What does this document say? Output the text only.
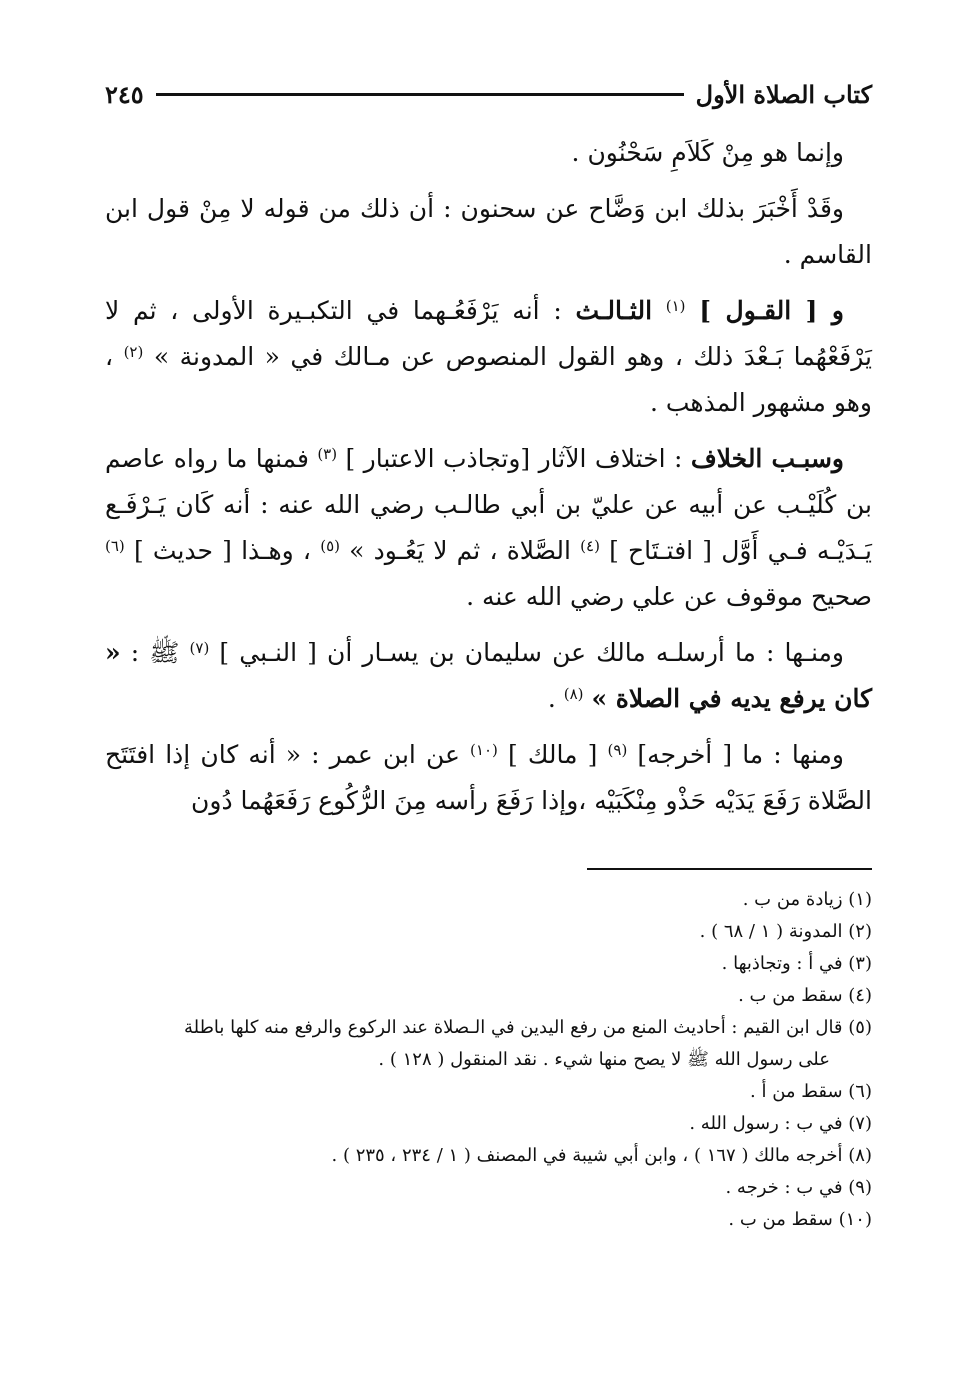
كتاب الصلاة الأول
٢٤٥

وإنما هو مِنْ كَلاَمِ سَحْنُون .

وقَدْ أَخْبَرَ بذلك ابن وَضَّاح عن سحنون : أن ذلك من قوله لا مِنْ قول ابن القاسم .

و [ القـول ] $^{(١)}$ الثـالـث : أنه يَرْفَعُـهما في التكبـيرة الأولى ، ثم لا يَرْفَعْهُما بَـعْدَ ذلك ، وهو القول المنصوص عن مـالك في « المدونة » $^{(٢)}$ ، وهو مشهور المذهب .

وسبـب الخلاف : اختلاف الآثار [وتجاذب الاعتبار ] $^{(٣)}$ فمنها ما رواه عاصم بن كُلَيْـب عن أبيه عن عليّ بن أبي طالـب رضي الله عنه : أنه كَان يَـرْفَـع يَـدَيْـه فـي أَوَّل [ افتـتَاح ] $^{(٤)}$ الصَّلاة ، ثم لا يَعُـود » $^{(٥)}$ ، وهـذا [ حديث ] $^{(٦)}$ صحيح موقوف عن علي رضي الله عنه .

ومنـها : ما أرسلـه مالك عن سليمان بن يسـار أن [ النـبي ] $^{(٧)}$ ﷺ : « كان يرفع يديه في الصلاة » $^{(٨)}$ .

ومنها : ما [ أخرجه] $^{(٩)}$ [ مالك ] $^{(١٠)}$ عن ابن عمر : « أنه كان إذا افتَتَح الصَّلاة رَفَعَ يَدَيْه حَذْو مِنْكَبَيْه ،وإذا رَفَعَ رأسه مِنَ الرُّكُوع رَفَعَهُما دُون

(١) زيادة من ب .
(٢) المدونة ( ١ / ٦٨ ) .
(٣) في أ : وتجاذبها .
(٤) سقط من ب .
(٥) قال ابن القيم : أحاديث المنع من رفع اليدين في الـصلاة عند الركوع والرفع منه كلها باطلة
على رسول الله ﷺ لا يصح منها شيء . نقد المنقول ( ١٢٨ ) .
(٦) سقط من أ .
(٧) في ب : رسول الله .
(٨) أخرجه مالك ( ١٦٧ ) ، وابن أبي شيبة في المصنف ( ١ / ٢٣٤ ، ٢٣٥ ) .
(٩) في ب : خرجه .
(١٠) سقط من ب .
